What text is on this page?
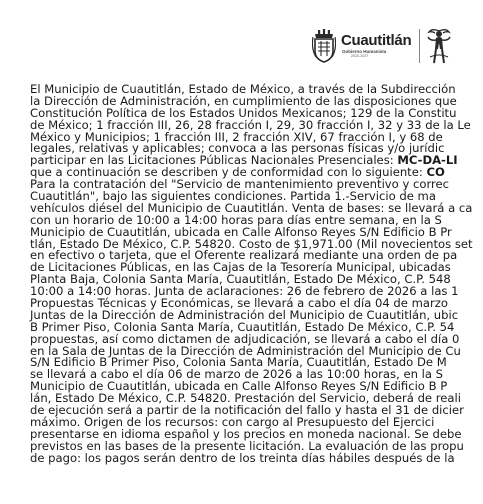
Cuautitlán
Gobierno Humanista
2025-2027
El Municipio de Cuautitlán, Estado de México, a través de la Subdirección
la Dirección de Administración, en cumplimiento de las disposiciones que
Constitución Política de los Estados Unidos Mexicanos; 129 de la Constitu
de México; 1 fracción III, 26, 28 fracción I, 29, 30 fracción I, 32 y 33 de la Le
México y Municipios; 1 fracción III, 2 fracción XIV, 67 fracción I, y 68 de
legales, relativas y aplicables; convoca a las personas físicas y/o jurídic
participar en las Licitaciones Públicas Nacionales Presenciales: MC-DA-LI
que a continuación se describen y de conformidad con lo siguiente: CO
Para la contratación del "Servicio de mantenimiento preventivo y correc
Cuautitlán", bajo las siguientes condiciones. Partida 1.-Servicio de ma
vehículos diésel del Municipio de Cuautitlán. Venta de bases: se llevará a ca
con un horario de 10:00 a 14:00 horas para días entre semana, en la S
Municipio de Cuautitlán, ubicada en Calle Alfonso Reyes S/N Edificio B Pr
tlán, Estado De México, C.P. 54820. Costo de $1,971.00 (Mil novecientos set
en efectivo o tarjeta, que el Oferente realizará mediante una orden de pa
de Licitaciones Públicas, en las Cajas de la Tesorería Municipal, ubicadas
Planta Baja, Colonia Santa María, Cuautitlán, Estado De México, C.P. 548
10:00 a 14:00 horas. Junta de aclaraciones: 26 de febrero de 2026 a las 1
Propuestas Técnicas y Económicas, se llevará a cabo el día 04 de marzo
Juntas de la Dirección de Administración del Municipio de Cuautitlán, ubic
B Primer Piso, Colonia Santa María, Cuautitlán, Estado De México, C.P. 54
propuestas, así como dictamen de adjudicación, se llevará a cabo el día 0
en la Sala de Juntas de la Dirección de Administración del Municipio de Cu
S/N Edificio B Primer Piso, Colonia Santa María, Cuautitlán, Estado De M
se llevará a cabo el día 06 de marzo de 2026 a las 10:00 horas, en la S
Municipio de Cuautitlán, ubicada en Calle Alfonso Reyes S/N Edificio B P
lán, Estado De México, C.P. 54820. Prestación del Servicio, deberá de reali
de ejecución será a partir de la notificación del fallo y hasta el 31 de dicier
máximo. Origen de los recursos: con cargo al Presupuesto del Ejercici
presentarse en idioma español y los precios en moneda nacional. Se debe
previstos en las bases de la presente licitación. La evaluación de las propu
de pago: los pagos serán dentro de los treinta días hábiles después de la
